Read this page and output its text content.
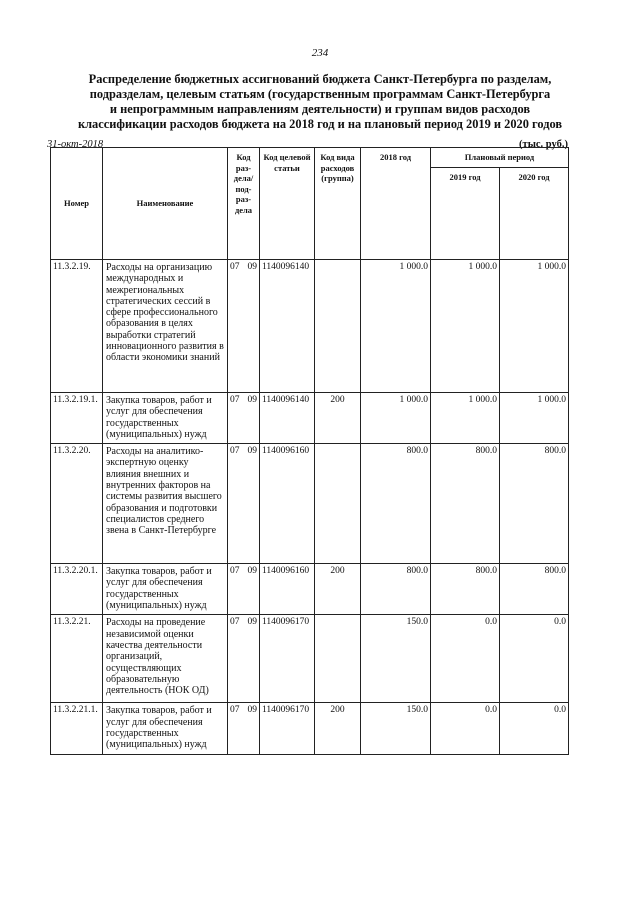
234
Распределение бюджетных ассигнований бюджета Санкт-Петербурга по разделам,
подразделам, целевым статьям (государственным программам Санкт-Петербурга
и непрограммным направлениям деятельности) и группам видов расходов
классификации расходов бюджета на 2018 год и на плановый период 2019 и 2020 годов
31-окт-2018	(тыс. руб.)
Номер	Наименование	Код раз-дела/под-раз-дела	Код целевой статьи	Код вида расходов (группа)	2018 год	Плановый период	
						2019 год	2020 год
11.3.2.19.	Расходы на организацию международных и межрегиональных стратегических сессий в сфере профессионального образования в целях выработки стратегий инновационного развития в области экономики знаний	07 09	1140096140		1 000.0	1 000.0	1 000.0
11.3.2.19.1.	Закупка товаров, работ и услуг для обеспечения государственных (муниципальных) нужд	07 09	1140096140	200	1 000.0	1 000.0	1 000.0
11.3.2.20.	Расходы на аналитико-экспертную оценку влияния внешних и внутренних факторов на системы развития высшего образования и подготовки специалистов среднего звена в Санкт-Петербурге	07 09	1140096160		800.0	800.0	800.0
11.3.2.20.1.	Закупка товаров, работ и услуг для обеспечения государственных (муниципальных) нужд	07 09	1140096160	200	800.0	800.0	800.0
11.3.2.21.	Расходы на проведение независимой оценки качества деятельности организаций, осуществляющих образовательную деятельность (НОК ОД)	07 09	1140096170		150.0	0.0	0.0
11.3.2.21.1.	Закупка товаров, работ и услуг для обеспечения государственных (муниципальных) нужд	07 09	1140096170	200	150.0	0.0	0.0
